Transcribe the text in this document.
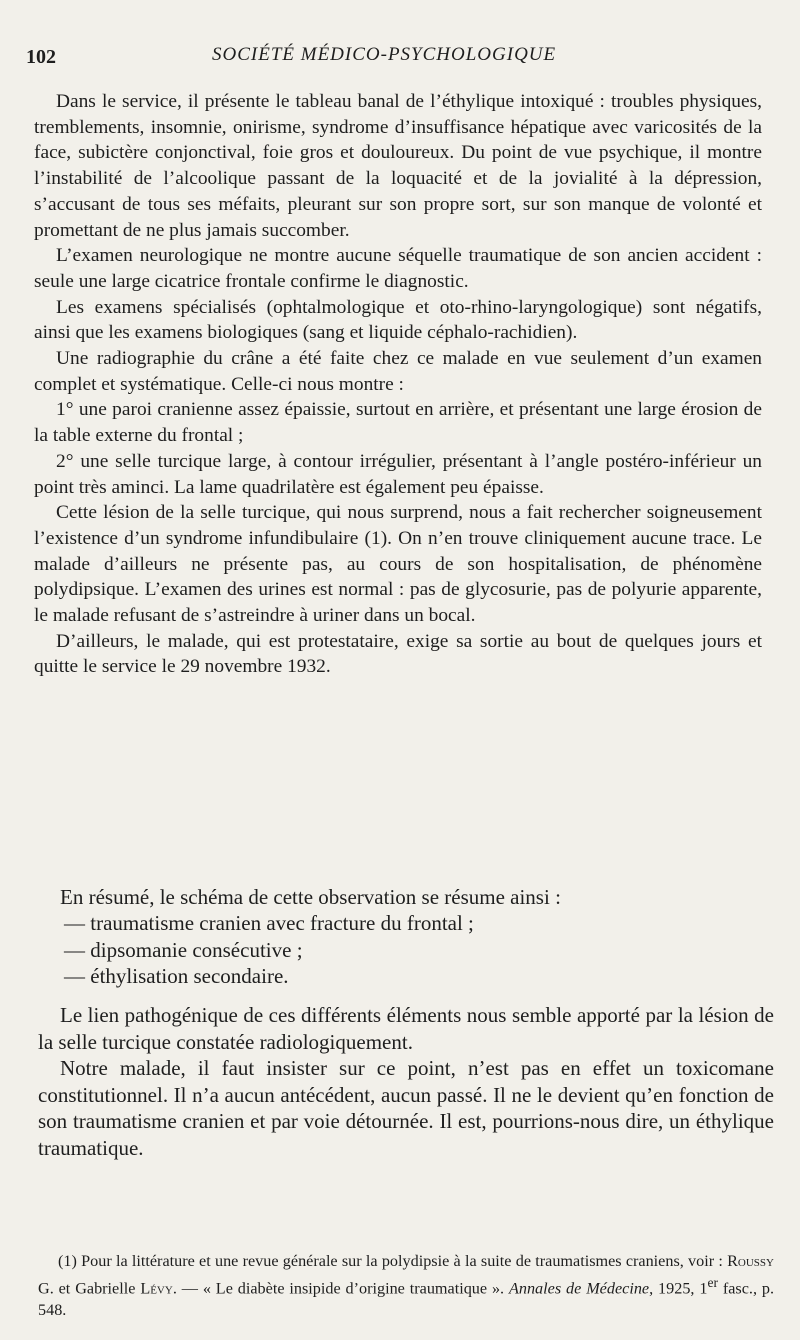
102	SOCIÉTÉ MÉDICO-PSYCHOLOGIQUE

Dans le service, il présente le tableau banal de l’éthylique intoxiqué : troubles physiques, tremblements, insomnie, onirisme, syndrome d’insuffisance hépatique avec varicosités de la face, subictère conjonctival, foie gros et douloureux. Du point de vue psychique, il montre l’instabilité de l’alcoolique passant de la loquacité et de la jovialité à la dépression, s’accusant de tous ses méfaits, pleurant sur son propre sort, sur son manque de volonté et promettant de ne plus jamais succomber.

L’examen neurologique ne montre aucune séquelle traumatique de son ancien accident : seule une large cicatrice frontale confirme le diagnostic.

Les examens spécialisés (ophtalmologique et oto-rhino-laryngologique) sont négatifs, ainsi que les examens biologiques (sang et liquide céphalo-rachidien).

Une radiographie du crâne a été faite chez ce malade en vue seulement d’un examen complet et systématique. Celle-ci nous montre :

1° une paroi cranienne assez épaissie, surtout en arrière, et présentant une large érosion de la table externe du frontal ;

2° une selle turcique large, à contour irrégulier, présentant à l’angle postéro-inférieur un point très aminci. La lame quadrilatère est également peu épaisse.

Cette lésion de la selle turcique, qui nous surprend, nous a fait rechercher soigneusement l’existence d’un syndrome infundibulaire (1). On n’en trouve cliniquement aucune trace. Le malade d’ailleurs ne présente pas, au cours de son hospitalisation, de phénomène polydipsique. L’examen des urines est normal : pas de glycosurie, pas de polyurie apparente, le malade refusant de s’astreindre à uriner dans un bocal.

D’ailleurs, le malade, qui est protestataire, exige sa sortie au bout de quelques jours et quitte le service le 29 novembre 1932.

En résumé, le schéma de cette observation se résume ainsi :

— traumatisme cranien avec fracture du frontal ;
— dipsomanie consécutive ;
— éthylisation secondaire.

Le lien pathogénique de ces différents éléments nous semble apporté par la lésion de la selle turcique constatée radiologiquement.

Notre malade, il faut insister sur ce point, n’est pas en effet un toxicomane constitutionnel. Il n’a aucun antécédent, aucun passé. Il ne le devient qu’en fonction de son traumatisme cranien et par voie détournée. Il est, pourrions-nous dire, un éthylique traumatique.

(1) Pour la littérature et une revue générale sur la polydipsie à la suite de traumatismes craniens, voir : Roussy G. et Gabrielle Lévy. — « Le diabète insipide d’origine traumatique ». Annales de Médecine, 1925, 1er fasc., p. 548.
